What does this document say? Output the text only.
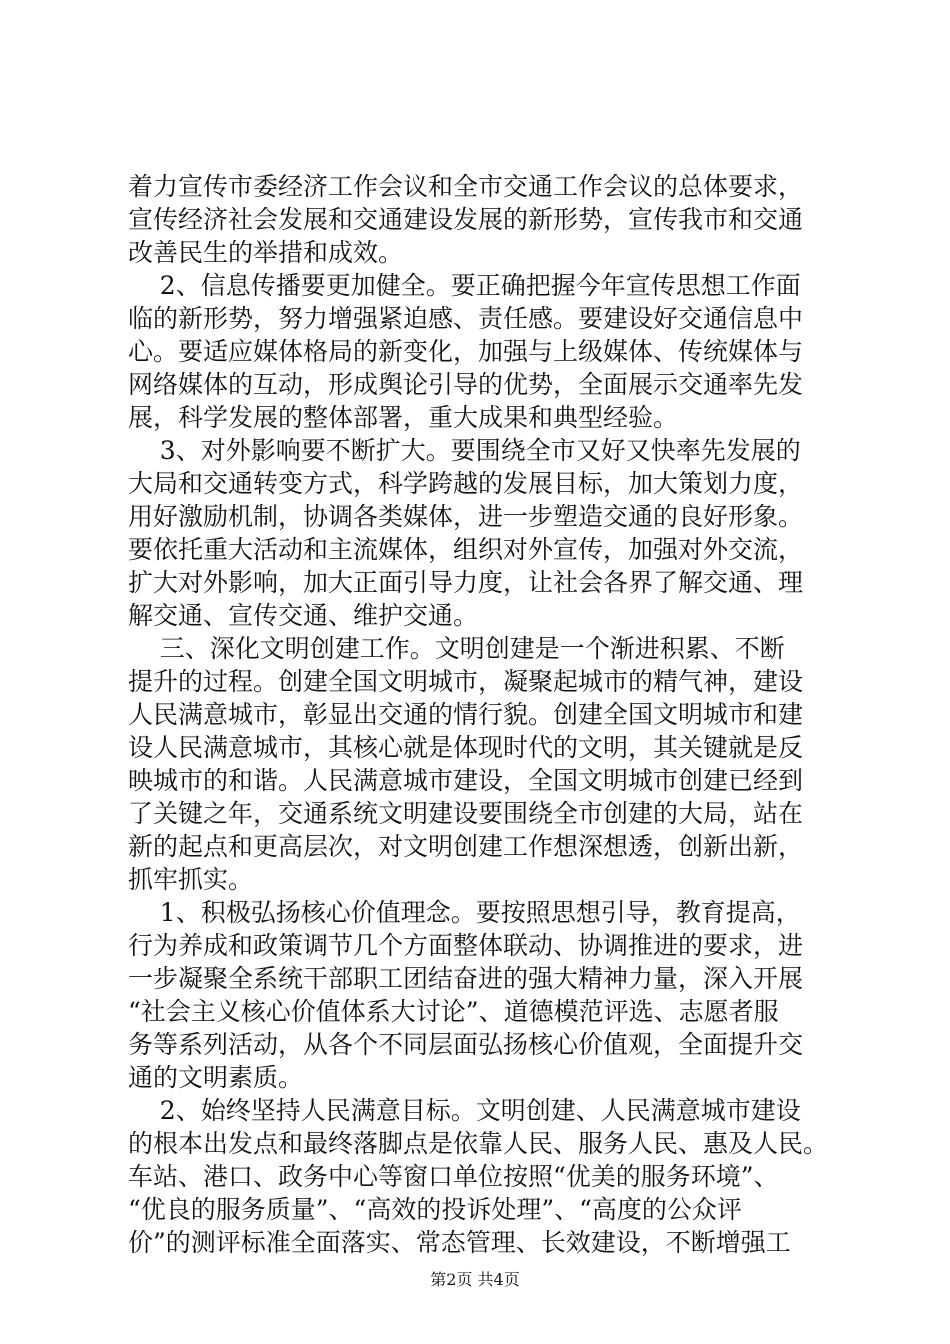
着力宣传市委经济工作会议和全市交通工作会议的总体要求，
宣传经济社会发展和交通建设发展的新形势，宣传我市和交通
改善民生的举措和成效。
2、信息传播要更加健全。要正确把握今年宣传思想工作面
临的新形势，努力增强紧迫感、责任感。要建设好交通信息中
心。要适应媒体格局的新变化，加强与上级媒体、传统媒体与
网络媒体的互动，形成舆论引导的优势，全面展示交通率先发
展，科学发展的整体部署，重大成果和典型经验。
3、对外影响要不断扩大。要围绕全市又好又快率先发展的
大局和交通转变方式，科学跨越的发展目标，加大策划力度，
用好激励机制，协调各类媒体，进一步塑造交通的良好形象。
要依托重大活动和主流媒体，组织对外宣传，加强对外交流，
扩大对外影响，加大正面引导力度，让社会各界了解交通、理
解交通、宣传交通、维护交通。
三、深化文明创建工作。文明创建是一个渐进积累、不断
提升的过程。创建全国文明城市，凝聚起城市的精气神，建设
人民满意城市，彰显出交通的情行貌。创建全国文明城市和建
设人民满意城市，其核心就是体现时代的文明，其关键就是反
映城市的和谐。人民满意城市建设，全国文明城市创建已经到
了关键之年，交通系统文明建设要围绕全市创建的大局，站在
新的起点和更高层次，对文明创建工作想深想透，创新出新，
抓牢抓实。
1、积极弘扬核心价值理念。要按照思想引导，教育提高，
行为养成和政策调节几个方面整体联动、协调推进的要求，进
一步凝聚全系统干部职工团结奋进的强大精神力量，深入开展
“社会主义核心价值体系大讨论”、道德模范评选、志愿者服
务等系列活动，从各个不同层面弘扬核心价值观，全面提升交
通的文明素质。
2、始终坚持人民满意目标。文明创建、人民满意城市建设
的根本出发点和最终落脚点是依靠人民、服务人民、惠及人民。
车站、港口、政务中心等窗口单位按照“优美的服务环境”、
“优良的服务质量”、“高效的投诉处理”、“高度的公众评
价”的测评标准全面落实、常态管理、长效建设，不断增强工
第2页 共4页
